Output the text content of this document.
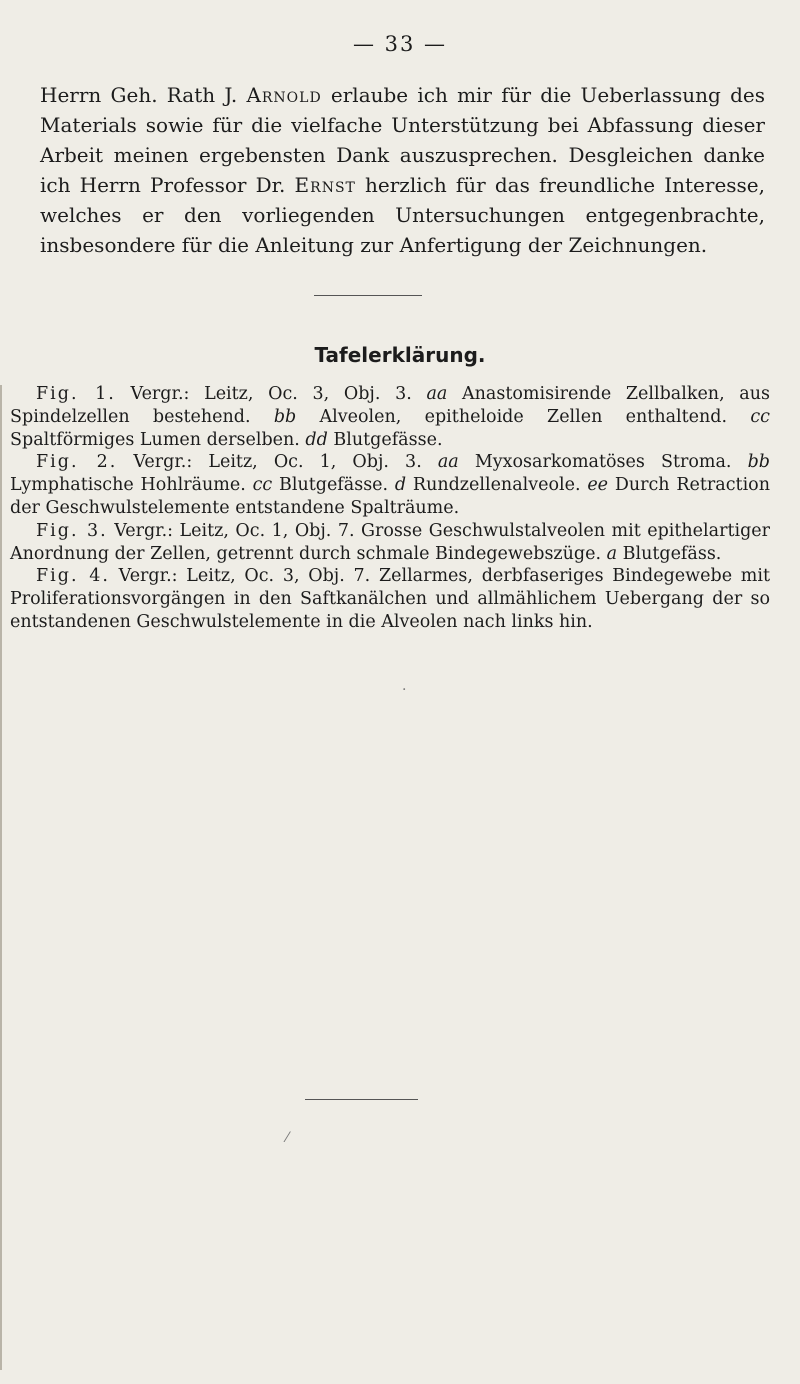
— 33 —

Herrn Geh. Rath J. Arnold erlaube ich mir für die Ueberlassung des Materials sowie für die vielfache Unterstützung bei Abfassung dieser Arbeit meinen ergebensten Dank auszusprechen. Desgleichen danke ich Herrn Professor Dr. Ernst herzlich für das freundliche Interesse, welches er den vorliegenden Untersuchungen entgegenbrachte, insbesondere für die Anleitung zur Anfertigung der Zeichnungen.

Tafelerklärung.

Fig. 1. Vergr.: Leitz, Oc. 3, Obj. 3. aa Anastomisirende Zellbalken, aus Spindelzellen bestehend. bb Alveolen, epitheloide Zellen enthaltend. cc Spaltförmiges Lumen derselben. dd Blutgefässe.

Fig. 2. Vergr.: Leitz, Oc. 1, Obj. 3. aa Myxosarkomatöses Stroma. bb Lymphatische Hohlräume. cc Blutgefässe. d Rundzellenalveole. ee Durch Retraction der Geschwulstelemente entstandene Spalträume.

Fig. 3. Vergr.: Leitz, Oc. 1, Obj. 7. Grosse Geschwulstalveolen mit epithelartiger Anordnung der Zellen, getrennt durch schmale Bindegewebszüge. a Blutgefäss.

Fig. 4. Vergr.: Leitz, Oc. 3, Obj. 7. Zellarmes, derbfaseriges Bindegewebe mit Proliferationsvorgängen in den Saftkanälchen und allmählichem Uebergang der so entstandenen Geschwulstelemente in die Alveolen nach links hin.

·
⁄
